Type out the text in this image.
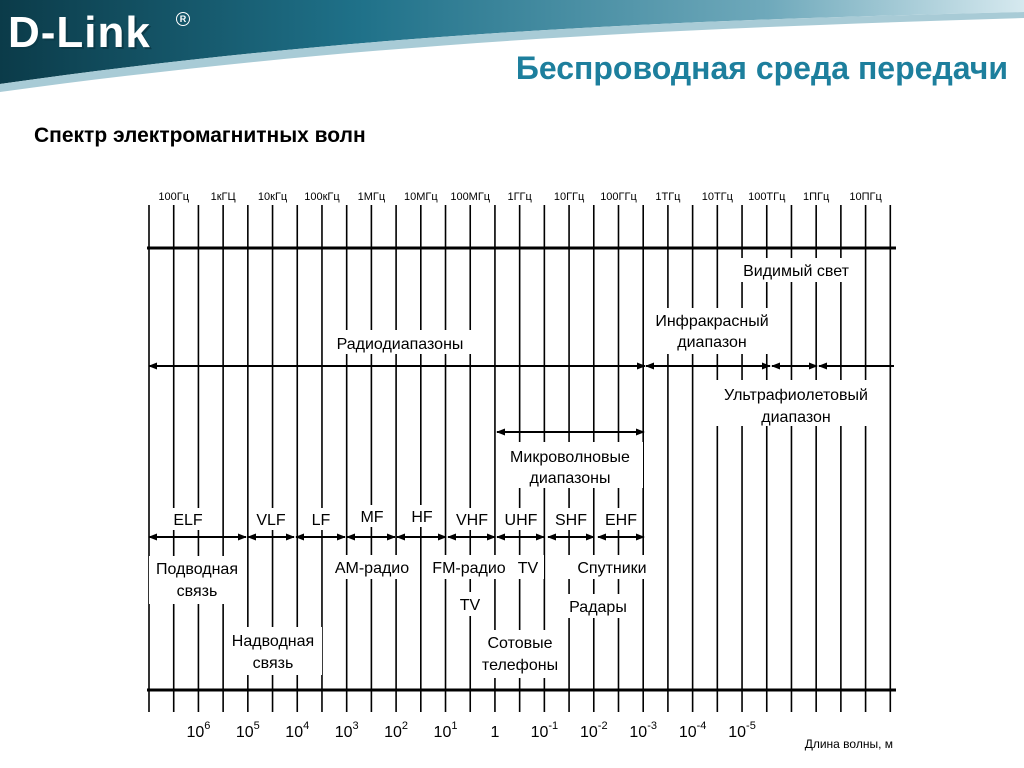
D-Link	R
Беспроводная среда передачи
Спектр электромагнитных волн
100Гц 1кГЦ 10кГц 100кГц 1МГц 10МГц 100МГц 1ГГц 10ГГц 100ГГц 1ТГц 10ТГц 100ТГц 1ПГц 10ПГц
$10^6$ $10^5$ $10^4$ $10^3$ $10^2$ $10^1$ 1 $10^{-1}$ $10^{-2}$ $10^{-3}$ $10^{-4}$ $10^{-5}$
Длина волны, м
Видимый свет
Инфракрасный
диапазон
Радиодиапазоны
Ультрафиолетовый
диапазон
Микроволновые
диапазоны
ELF	VLF LF MF HF VHF UHF SHF EHF
Подводная
связь
Надводная
связь
АМ-радио FM-радио TV
TV
Сотовые
телефоны
Спутники
Радары
